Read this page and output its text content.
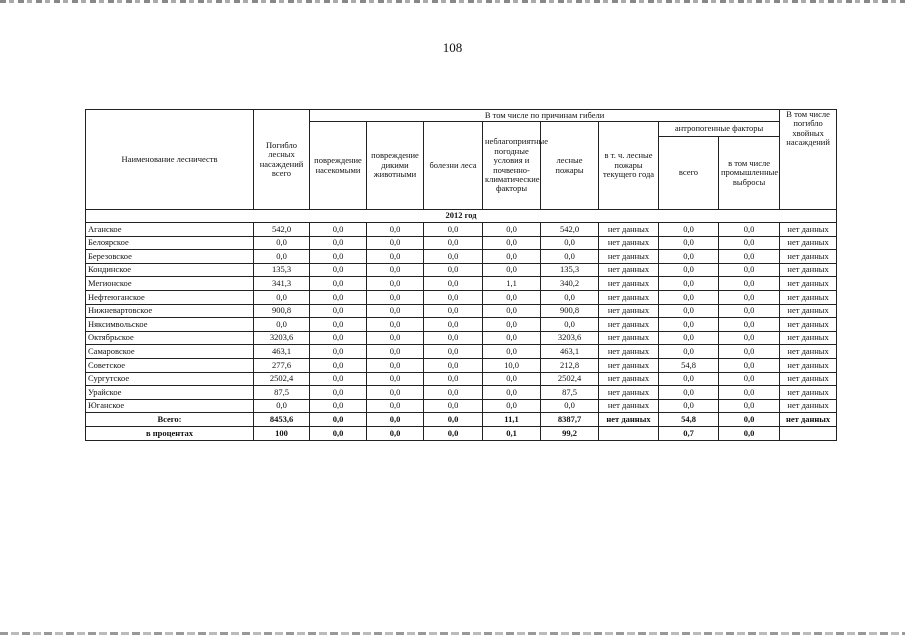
108
Наименование лесничеств	Погибло лесных насаждений всего	В том числе по причинам гибели								В том числе погибло хвойных насаждений
		повреждение насекомыми	повреждение дикими животными	болезни леса	неблагоприятные погодные условия и почвенно-климатические факторы	лесные пожары	в т. ч. лесные пожары текущего года	антропогенные факторы		
								всего	в том числе промышленные выбросы	
2012 год										
Аганское	542,0	0,0	0,0	0,0	0,0	542,0	нет данных	0,0	0,0	нет данных
Белоярское	0,0	0,0	0,0	0,0	0,0	0,0	нет данных	0,0	0,0	нет данных
Березовское	0,0	0,0	0,0	0,0	0,0	0,0	нет данных	0,0	0,0	нет данных
Кондинское	135,3	0,0	0,0	0,0	0,0	135,3	нет данных	0,0	0,0	нет данных
Мегионское	341,3	0,0	0,0	0,0	1,1	340,2	нет данных	0,0	0,0	нет данных
Нефтеюганское	0,0	0,0	0,0	0,0	0,0	0,0	нет данных	0,0	0,0	нет данных
Нижневартовское	900,8	0,0	0,0	0,0	0,0	900,8	нет данных	0,0	0,0	нет данных
Няксимвольское	0,0	0,0	0,0	0,0	0,0	0,0	нет данных	0,0	0,0	нет данных
Октябрьское	3203,6	0,0	0,0	0,0	0,0	3203,6	нет данных	0,0	0,0	нет данных
Самаровское	463,1	0,0	0,0	0,0	0,0	463,1	нет данных	0,0	0,0	нет данных
Советское	277,6	0,0	0,0	0,0	10,0	212,8	нет данных	54,8	0,0	нет данных
Сургутское	2502,4	0,0	0,0	0,0	0,0	2502,4	нет данных	0,0	0,0	нет данных
Урайское	87,5	0,0	0,0	0,0	0,0	87,5	нет данных	0,0	0,0	нет данных
Юганское	0,0	0,0	0,0	0,0	0,0	0,0	нет данных	0,0	0,0	нет данных
Всего:	8453,6	0,0	0,0	0,0	11,1	8387,7	нет данных	54,8	0,0	нет данных
в процентах	100	0,0	0,0	0,0	0,1	99,2		0,7	0,0	
